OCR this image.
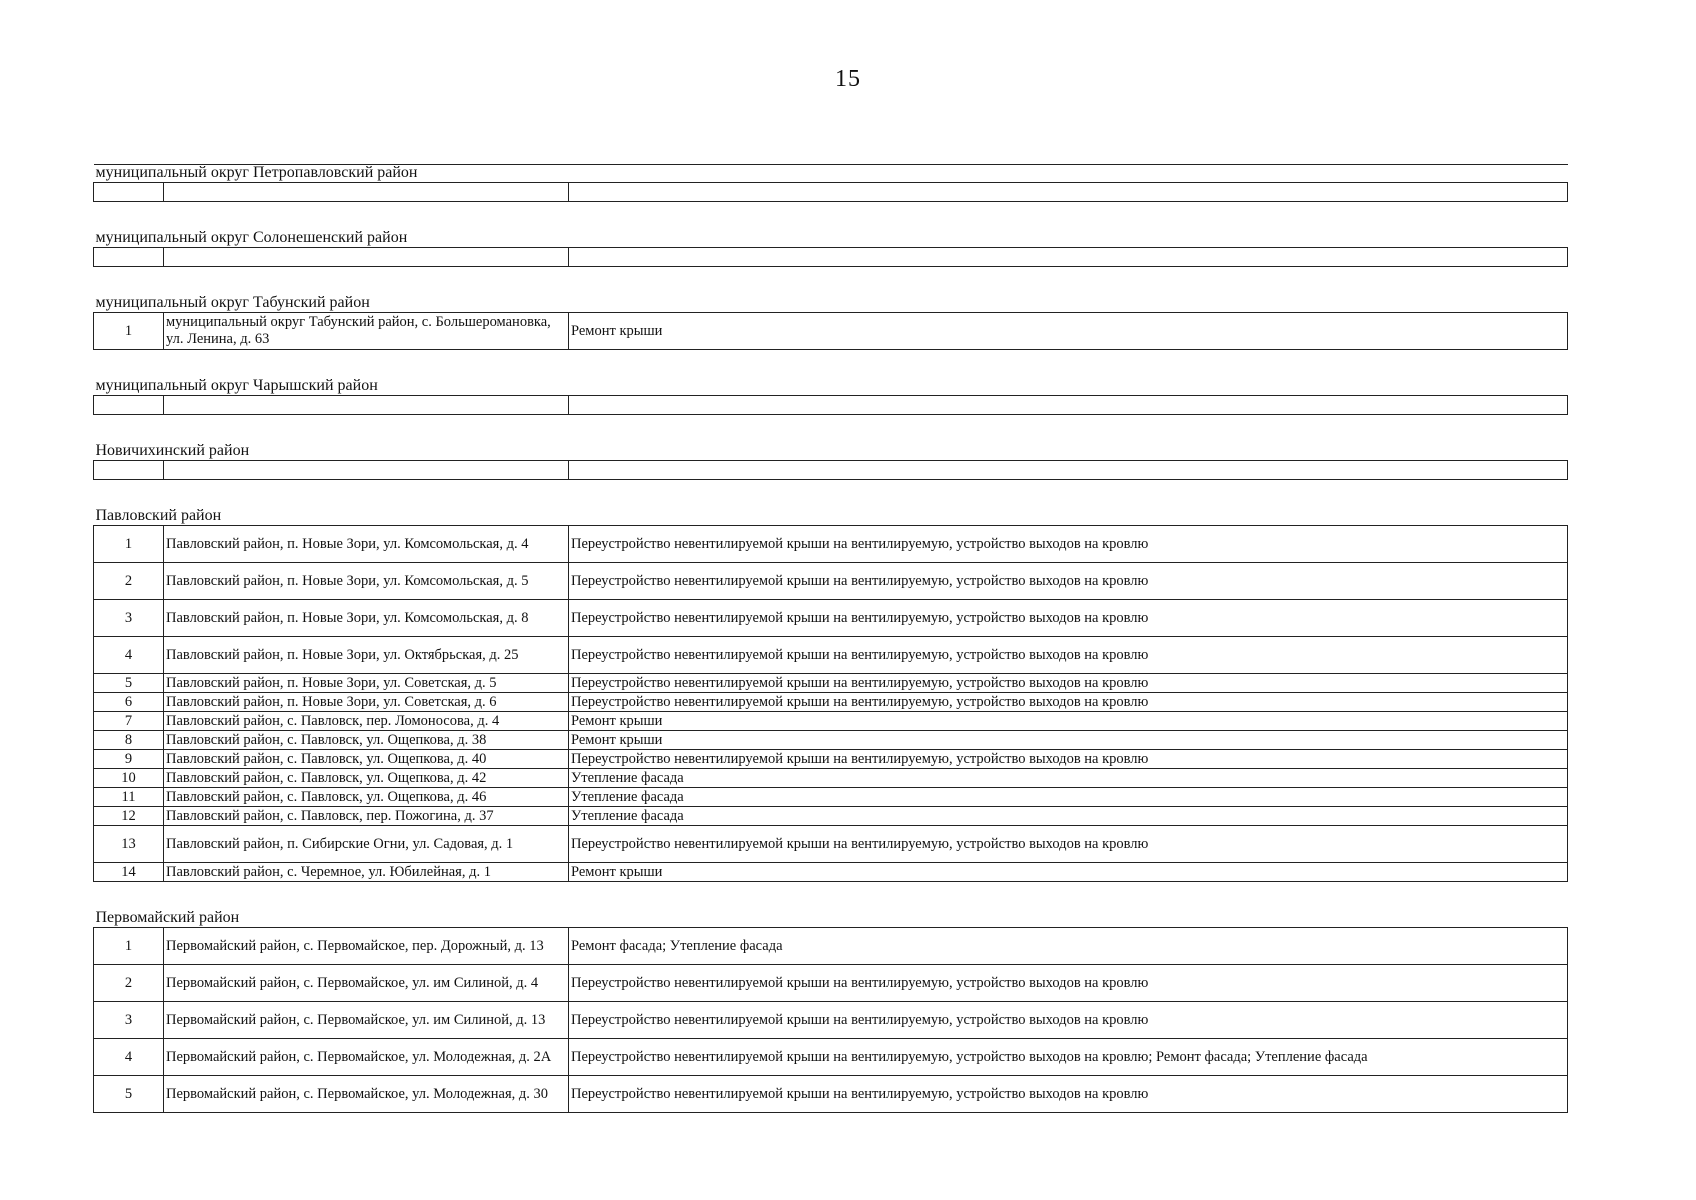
15
муниципальный округ Петропавловский район		

муниципальный округ Солонешенский район		

муниципальный округ Табунский район		
1	муниципальный округ Табунский район, с. Большеромановка, ул. Ленина, д. 63	Ремонт крыши

муниципальный округ Чарышский район		

Новичихинский район		

Павловский район		
1	Павловский район, п. Новые Зори, ул. Комсомольская, д. 4	Переустройство невентилируемой крыши на вентилируемую, устройство выходов на кровлю
2	Павловский район, п. Новые Зори, ул. Комсомольская, д. 5	Переустройство невентилируемой крыши на вентилируемую, устройство выходов на кровлю
3	Павловский район, п. Новые Зори, ул. Комсомольская, д. 8	Переустройство невентилируемой крыши на вентилируемую, устройство выходов на кровлю
4	Павловский район, п. Новые Зори, ул. Октябрьская, д. 25	Переустройство невентилируемой крыши на вентилируемую, устройство выходов на кровлю
5	Павловский район, п. Новые Зори, ул. Советская, д. 5	Переустройство невентилируемой крыши на вентилируемую, устройство выходов на кровлю
6	Павловский район, п. Новые Зори, ул. Советская, д. 6	Переустройство невентилируемой крыши на вентилируемую, устройство выходов на кровлю
7	Павловский район, с. Павловск, пер. Ломоносова, д. 4	Ремонт крыши
8	Павловский район, с. Павловск, ул. Ощепкова, д. 38	Ремонт крыши
9	Павловский район, с. Павловск, ул. Ощепкова, д. 40	Переустройство невентилируемой крыши на вентилируемую, устройство выходов на кровлю
10	Павловский район, с. Павловск, ул. Ощепкова, д. 42	Утепление фасада
11	Павловский район, с. Павловск, ул. Ощепкова, д. 46	Утепление фасада
12	Павловский район, с. Павловск, пер. Пожогина, д. 37	Утепление фасада
13	Павловский район, п. Сибирские Огни, ул. Садовая, д. 1	Переустройство невентилируемой крыши на вентилируемую, устройство выходов на кровлю
14	Павловский район, с. Черемное, ул. Юбилейная, д. 1	Ремонт крыши

Первомайский район		
1	Первомайский район, с. Первомайское, пер. Дорожный, д. 13	Ремонт фасада; Утепление фасада
2	Первомайский район, с. Первомайское, ул. им Силиной, д. 4	Переустройство невентилируемой крыши на вентилируемую, устройство выходов на кровлю
3	Первомайский район, с. Первомайское, ул. им Силиной, д. 13	Переустройство невентилируемой крыши на вентилируемую, устройство выходов на кровлю
4	Первомайский район, с. Первомайское, ул. Молодежная, д. 2А	Переустройство невентилируемой крыши на вентилируемую, устройство выходов на кровлю; Ремонт фасада; Утепление фасада
5	Первомайский район, с. Первомайское, ул. Молодежная, д. 30	Переустройство невентилируемой крыши на вентилируемую, устройство выходов на кровлю
